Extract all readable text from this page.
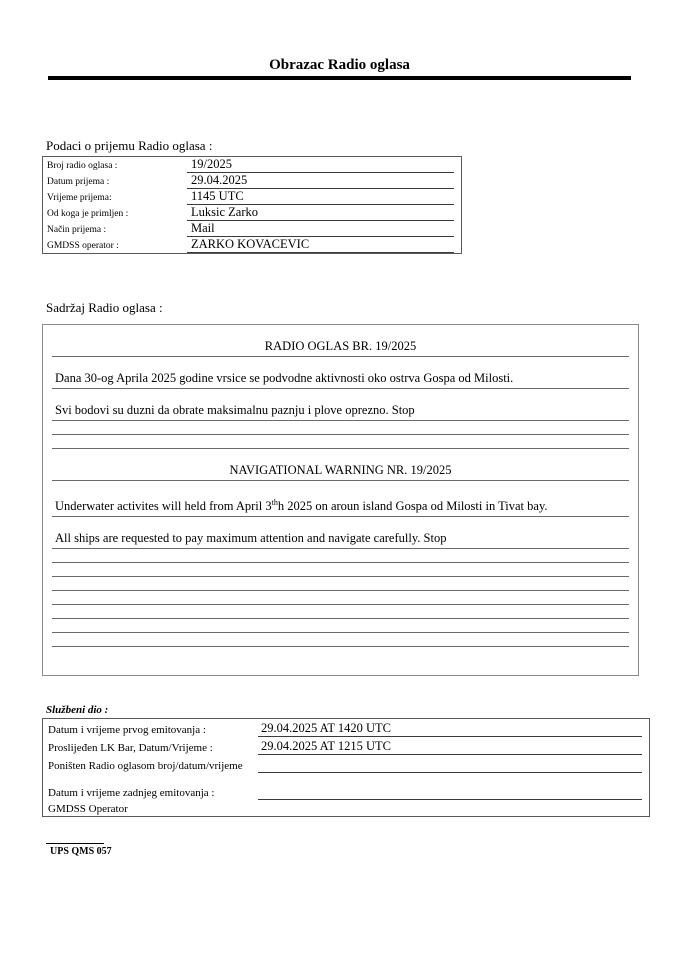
Obrazac Radio oglasa
Podaci o prijemu Radio oglasa :
Broj radio oglasa :	19/2025
Datum prijema :	29.04.2025
Vrijeme prijema:	1145 UTC
Od koga je primljen :	Luksic Zarko
Način prijema :	Mail
GMDSS operator :	ZARKO KOVACEVIC
Sadržaj Radio oglasa :
RADIO OGLAS BR. 19/2025
Dana 30-og Aprila 2025 godine vrsice se podvodne aktivnosti oko ostrva Gospa od Milosti.
Svi bodovi su duzni da obrate maksimalnu paznju i plove oprezno. Stop
NAVIGATIONAL WARNING NR. 19/2025
Underwater activites will held from April 3thh 2025 on aroun island Gospa od Milosti in Tivat bay.
All ships are requested to pay maximum attention and navigate carefully. Stop
Službeni dio :
Datum i vrijeme prvog emitovanja :	29.04.2025 AT 1420 UTC
Proslijeđen LK Bar, Datum/Vrijeme :	29.04.2025 AT 1215 UTC
Poništen Radio oglasom broj/datum/vrijeme
Datum i vrijeme zadnjeg emitovanja :
GMDSS Operator
UPS QMS 057
